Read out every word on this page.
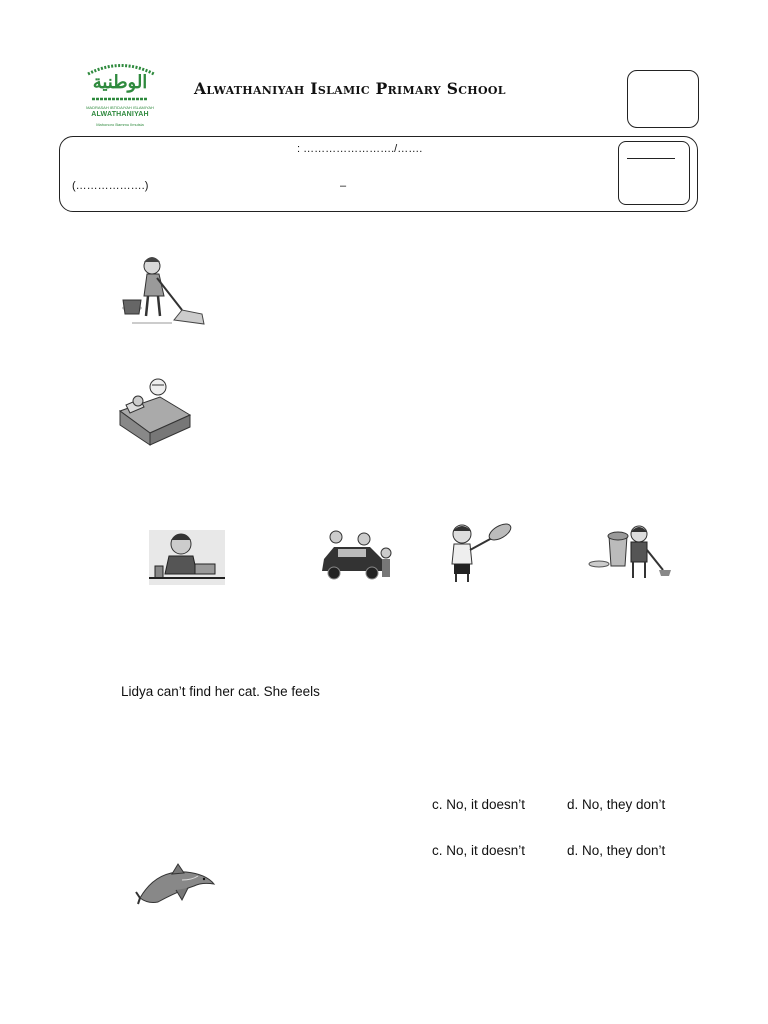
الوطنية
MADRASAH IBTIDAIYAH ISLAMIYAH
ALWATHANIYAH
Mahonoro Bammu Ilmuisia
Alwathaniyah Islamic Primary School
: ……………………./…….
(……………….)	–
Lidya can’t find her cat. She feels
c. No, it doesn’t	d. No, they don’t
c. No, it doesn’t	d. No, they don’t
